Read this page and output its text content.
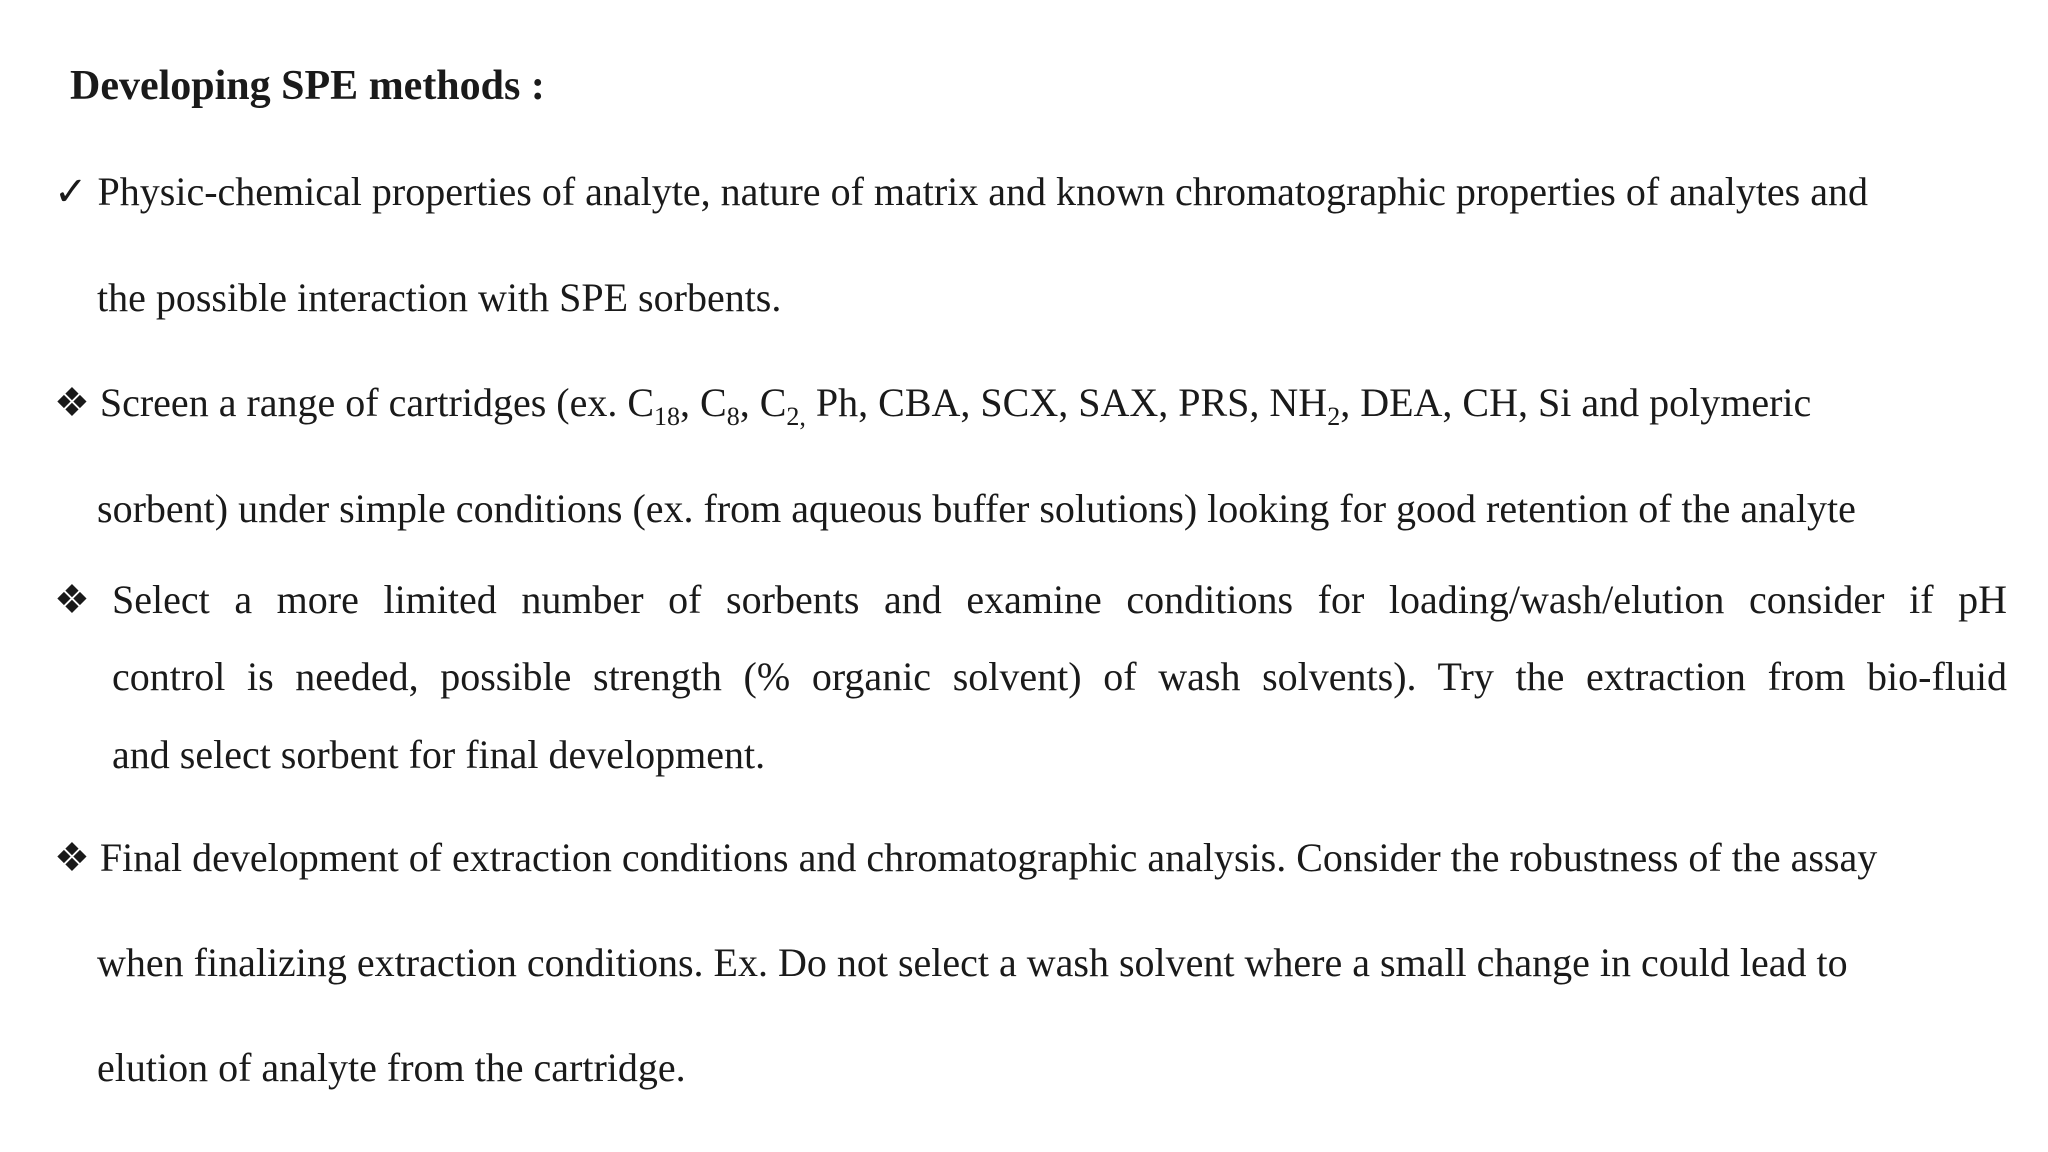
Developing SPE methods :
✓ Physic-chemical properties of analyte, nature of matrix and known chromatographic properties of analytes and
the possible interaction with SPE sorbents.
❖ Screen a range of cartridges (ex. $C_{18}$, $C_8$, $C_{2,}$ Ph, CBA, SCX, SAX, PRS, $NH_2$, DEA, CH, Si and polymeric
sorbent) under simple conditions (ex. from aqueous buffer solutions) looking for good retention of the analyte
❖ Select a more limited number of sorbents and examine conditions for loading/wash/elution consider if pH
control is needed, possible strength (% organic solvent) of wash solvents). Try the extraction from bio-fluid
and select sorbent for final development.
❖ Final development of extraction conditions and chromatographic analysis. Consider the robustness of the assay
when finalizing extraction conditions. Ex. Do not select a wash solvent where a small change in could lead to
elution of analyte from the cartridge.
